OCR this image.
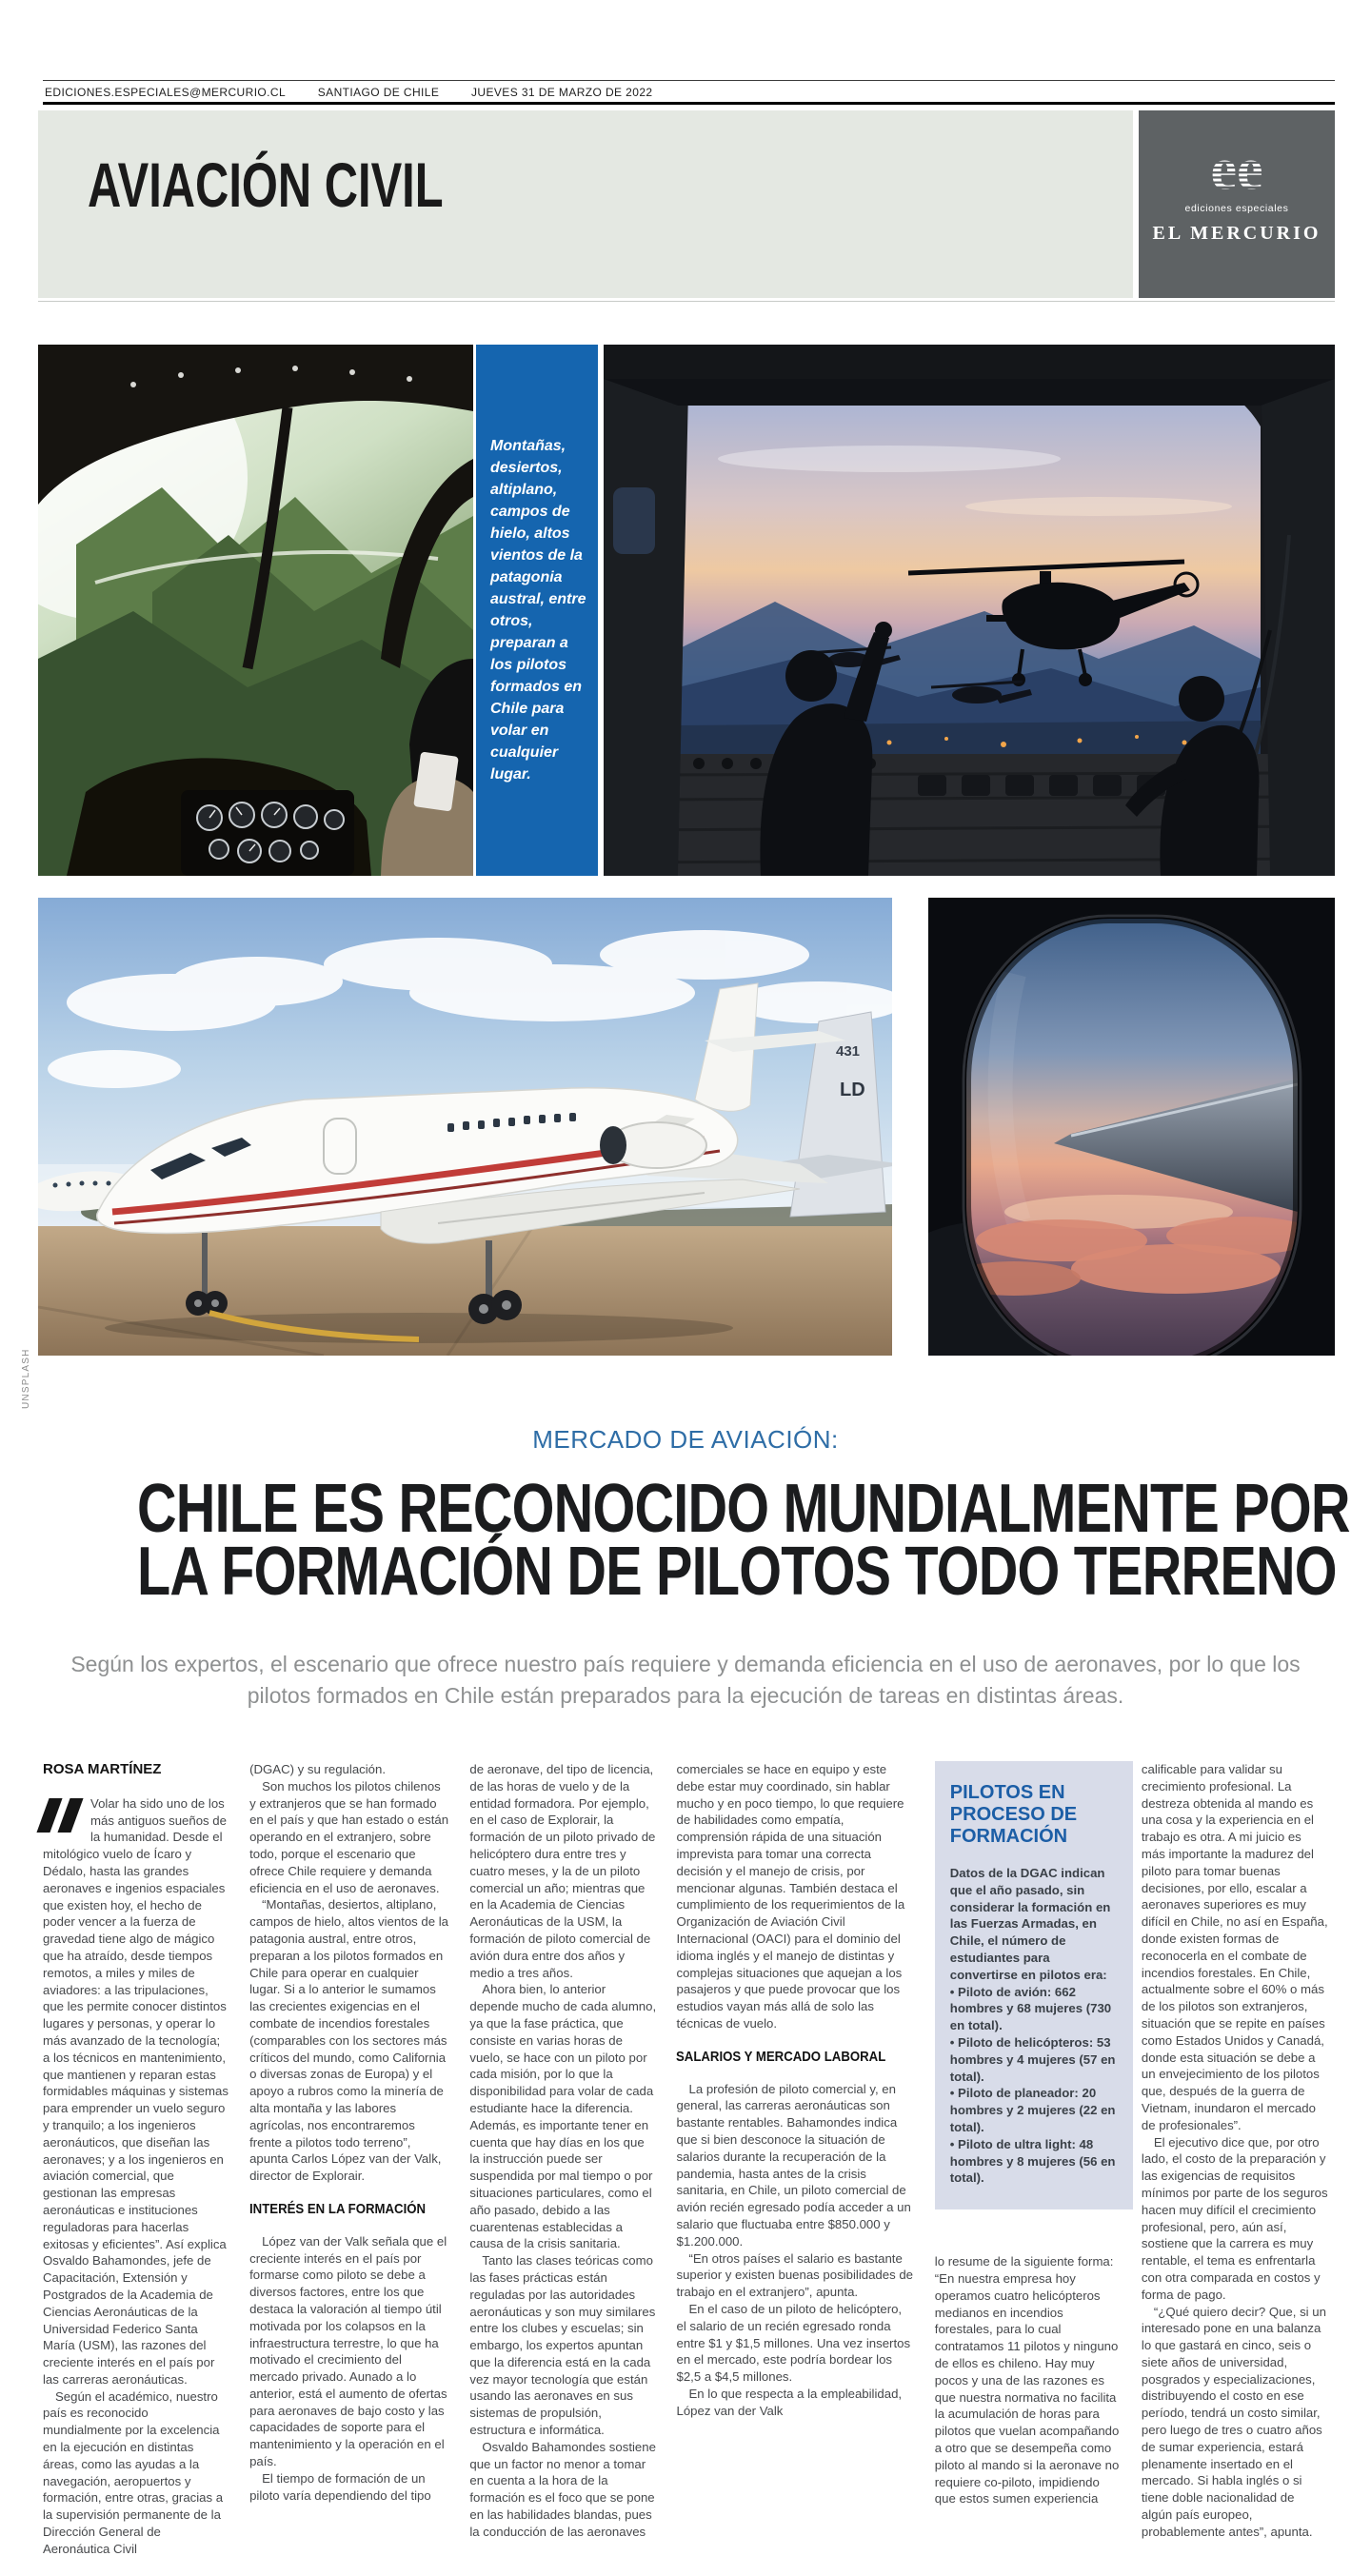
EDICIONES.ESPECIALES@MERCURIO.CL	SANTIAGO DE CHILE	JUEVES 31 DE MARZO DE 2022
AVIACIÓN CIVIL	ee
ediciones especiales
EL MERCURIO

Montañas, desiertos, altiplano, campos de hielo, altos vientos de la patagonia austral, entre otros, preparan a los pilotos formados en Chile para volar en cualquier lugar.

431
LD
UNSPLASH
MERCADO DE AVIACIÓN:
CHILE ES RECONOCIDO MUNDIALMENTE POR
LA FORMACIÓN DE PILOTOS TODO TERRENO
Según los expertos, el escenario que ofrece nuestro país requiere y demanda eficiencia en el uso de aeronaves, por lo que los pilotos formados en Chile están preparados para la ejecución de tareas en distintas áreas.
ROSA MARTÍNEZ

Volar ha sido uno de los más antiguos sueños de la humanidad. Desde el mitológico vuelo de Ícaro y Dédalo, hasta las grandes aeronaves e ingenios espaciales que existen hoy, el hecho de poder vencer a la fuerza de gravedad tiene algo de mágico que ha atraído, desde tiempos remotos, a miles y miles de aviadores: a las tripulaciones, que les permite conocer distintos lugares y personas, y operar lo más avanzado de la tecnología; a los técnicos en mantenimiento, que mantienen y reparan estas formidables máquinas y sistemas para emprender un vuelo seguro y tranquilo; a los ingenieros aeronáuticos, que diseñan las aeronaves; y a los ingenieros en aviación comercial, que gestionan las empresas aeronáuticas e instituciones reguladoras para hacerlas exitosas y eficientes”. Así explica Osvaldo Bahamondes, jefe de Capacitación, Extensión y Postgrados de la Academia de Ciencias Aeronáuticas de la Universidad Federico Santa María (USM), las razones del creciente interés en el país por las carreras aeronáuticas.

Según el académico, nuestro país es reconocido mundialmente por la excelencia en la ejecución en distintas áreas, como las ayudas a la navegación, aeropuertos y formación, entre otras, gracias a la supervisión permanente de la Dirección General de Aeronáutica Civil

(DGAC) y su regulación.

Son muchos los pilotos chilenos y extranjeros que se han formado en el país y que han estado o están operando en el extranjero, sobre todo, porque el escenario que ofrece Chile requiere y demanda eficiencia en el uso de aeronaves.

“Montañas, desiertos, altiplano, campos de hielo, altos vientos de la patagonia austral, entre otros, preparan a los pilotos formados en Chile para operar en cualquier lugar. Si a lo anterior le sumamos las crecientes exigencias en el combate de incendios forestales (comparables con los sectores más críticos del mundo, como California o diversas zonas de Europa) y el apoyo a rubros como la minería de alta montaña y las labores agrícolas, nos encontraremos frente a pilotos todo terreno”, apunta Carlos López van der Valk, director de Explorair.

INTERÉS EN LA FORMACIÓN

López van der Valk señala que el creciente interés en el país por formarse como piloto se debe a diversos factores, entre los que destaca la valoración al tiempo útil motivada por los colapsos en la infraestructura terrestre, lo que ha motivado el crecimiento del mercado privado. Aunado a lo anterior, está el aumento de ofertas para aeronaves de bajo costo y las capacidades de soporte para el mantenimiento y la operación en el país.

El tiempo de formación de un piloto varía dependiendo del tipo

de aeronave, del tipo de licencia, de las horas de vuelo y de la entidad formadora. Por ejemplo, en el caso de Explorair, la formación de un piloto privado de helicóptero dura entre tres y cuatro meses, y la de un piloto comercial un año; mientras que en la Academia de Ciencias Aeronáuticas de la USM, la formación de piloto comercial de avión dura entre dos años y medio a tres años.

Ahora bien, lo anterior depende mucho de cada alumno, ya que la fase práctica, que consiste en varias horas de vuelo, se hace con un piloto por cada misión, por lo que la disponibilidad para volar de cada estudiante hace la diferencia. Además, es importante tener en cuenta que hay días en los que la instrucción puede ser suspendida por mal tiempo o por situaciones particulares, como el año pasado, debido a las cuarentenas establecidas a causa de la crisis sanitaria.

Tanto las clases teóricas como las fases prácticas están reguladas por las autoridades aeronáuticas y son muy similares entre los clubes y escuelas; sin embargo, los expertos apuntan que la diferencia está en la cada vez mayor tecnología que están usando las aeronaves en sus sistemas de propulsión, estructura e informática.

Osvaldo Bahamondes sostiene que un factor no menor a tomar en cuenta a la hora de la formación es el foco que se pone en las habilidades blandas, pues la conducción de las aeronaves

comerciales se hace en equipo y este debe estar muy coordinado, sin hablar mucho y en poco tiempo, lo que requiere de habilidades como empatía, comprensión rápida de una situación imprevista para tomar una correcta decisión y el manejo de crisis, por mencionar algunas. También destaca el cumplimiento de los requerimientos de la Organización de Aviación Civil Internacional (OACI) para el dominio del idioma inglés y el manejo de distintas y complejas situaciones que aquejan a los pasajeros y que puede provocar que los estudios vayan más allá de solo las técnicas de vuelo.

SALARIOS Y MERCADO LABORAL

La profesión de piloto comercial y, en general, las carreras aeronáuticas son bastante rentables. Bahamondes indica que si bien desconoce la situación de salarios durante la recuperación de la pandemia, hasta antes de la crisis sanitaria, en Chile, un piloto comercial de avión recién egresado podía acceder a un salario que fluctuaba entre $850.000 y $1.200.000.

“En otros países el salario es bastante superior y existen buenas posibilidades de trabajo en el extranjero”, apunta.

En el caso de un piloto de helicóptero, el salario de un recién egresado ronda entre $1 y $1,5 millones. Una vez insertos en el mercado, este podría bordear los $2,5 a $4,5 millones.

En lo que respecta a la empleabilidad, López van der Valk

PILOTOS EN PROCESO DE FORMACIÓN

Datos de la DGAC indican que el año pasado, sin considerar la formación en las Fuerzas Armadas, en Chile, el número de estudiantes para convertirse en pilotos era:

• Piloto de avión: 662 hombres y 68 mujeres (730 en total).

• Piloto de helicópteros: 53 hombres y 4 mujeres (57 en total).

• Piloto de planeador: 20 hombres y 2 mujeres (22 en total).

• Piloto de ultra light: 48 hombres y 8 mujeres (56 en total).

lo resume de la siguiente forma: “En nuestra empresa hoy operamos cuatro helicópteros medianos en incendios forestales, para lo cual contratamos 11 pilotos y ninguno de ellos es chileno. Hay muy pocos y una de las razones es que nuestra normativa no facilita la acumulación de horas para pilotos que vuelan acompañando a otro que se desempeña como piloto al mando si la aeronave no requiere co-piloto, impidiendo que estos sumen experiencia

calificable para validar su crecimiento profesional. La destreza obtenida al mando es una cosa y la experiencia en el trabajo es otra. A mi juicio es más importante la madurez del piloto para tomar buenas decisiones, por ello, escalar a aeronaves superiores es muy difícil en Chile, no así en España, donde existen formas de reconocerla en el combate de incendios forestales. En Chile, actualmente sobre el 60% o más de los pilotos son extranjeros, situación que se repite en países como Estados Unidos y Canadá, donde esta situación se debe a un envejecimiento de los pilotos que, después de la guerra de Vietnam, inundaron el mercado de profesionales”.

El ejecutivo dice que, por otro lado, el costo de la preparación y las exigencias de requisitos mínimos por parte de los seguros hacen muy difícil el crecimiento profesional, pero, aún así, sostiene que la carrera es muy rentable, el tema es enfrentarla con otra comparada en costos y forma de pago.

“¿Qué quiero decir? Que, si un interesado pone en una balanza lo que gastará en cinco, seis o siete años de universidad, posgrados y especializaciones, distribuyendo el costo en ese período, tendrá un costo similar, pero luego de tres o cuatro años de sumar experiencia, estará plenamente insertado en el mercado. Si habla inglés o si tiene doble nacionalidad de algún país europeo, probablemente antes”, apunta.
